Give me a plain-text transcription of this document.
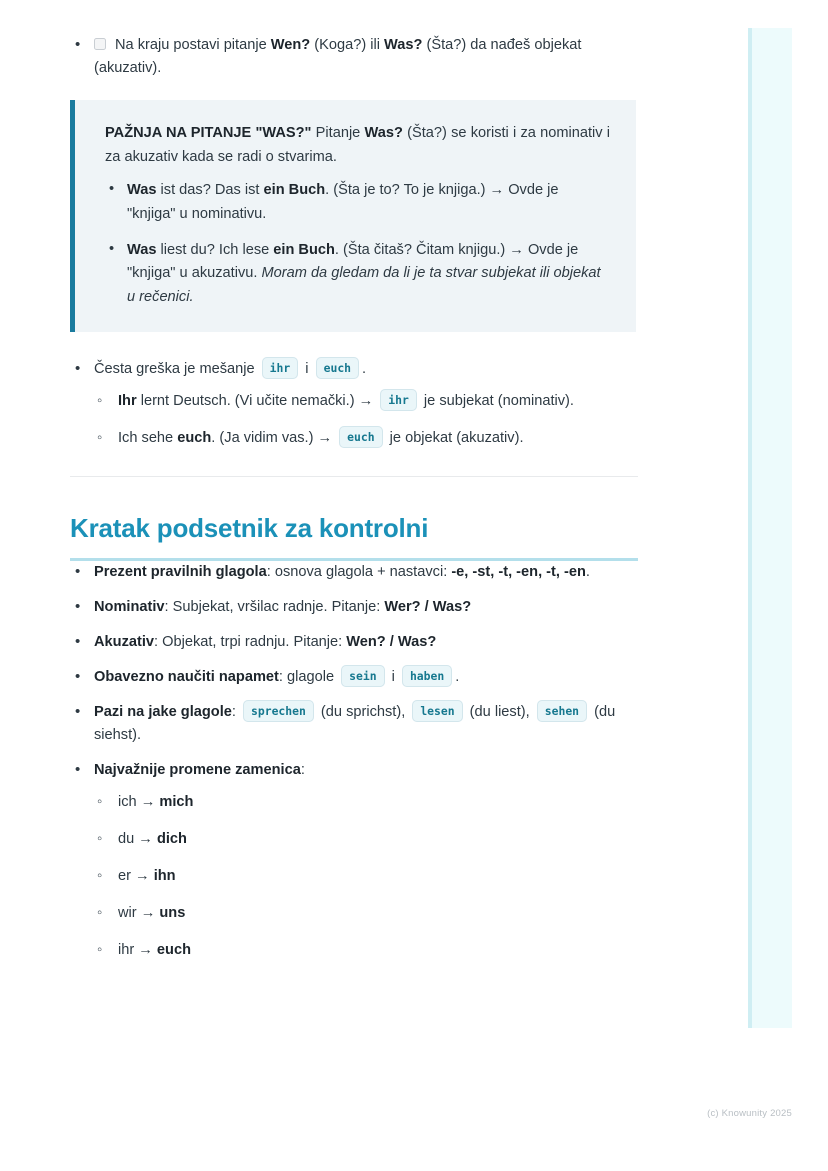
• Na kraju postavi pitanje Wen? (Koga?) ili Was? (Šta?) da nađeš objekat (akuzativ).

PAŽNJA NA PITANJE "WAS?" Pitanje Was? (Šta?) se koristi i za nominativ i za akuzativ kada se radi o stvarima.

• Was ist das? Das ist ein Buch. (Šta je to? To je knjiga.) → Ovde je "knjiga" u nominativu.
• Was liest du? Ich lese ein Buch. (Šta čitaš? Čitam knjigu.) → Ovde je "knjiga" u akuzativu. Moram da gledam da li je ta stvar subjekat ili objekat u rečenici.
• Česta greška je mešanje ihr i euch .
◦ Ihr lernt Deutsch. (Vi učite nemački.) → ihr je subjekat (nominativ).
◦ Ich sehe euch. (Ja vidim vas.) → euch je objekat (akuzativ).
Kratak podsetnik za kontrolni
• Prezent pravilnih glagola: osnova glagola + nastavci: -e, -st, -t, -en, -t, -en.
• Nominativ: Subjekat, vršilac radnje. Pitanje: Wer? / Was?
• Akuzativ: Objekat, trpi radnju. Pitanje: Wen? / Was?
• Obavezno naučiti napamet: glagole sein i haben .
• Pazi na jake glagole: sprechen (du sprichst), lesen (du liest), sehen (du siehst).
• Najvažnije promene zamenica:
◦ ich → mich
◦ du → dich
◦ er → ihn
◦ wir → uns
◦ ihr → euch
(c) Knowunity 2025
